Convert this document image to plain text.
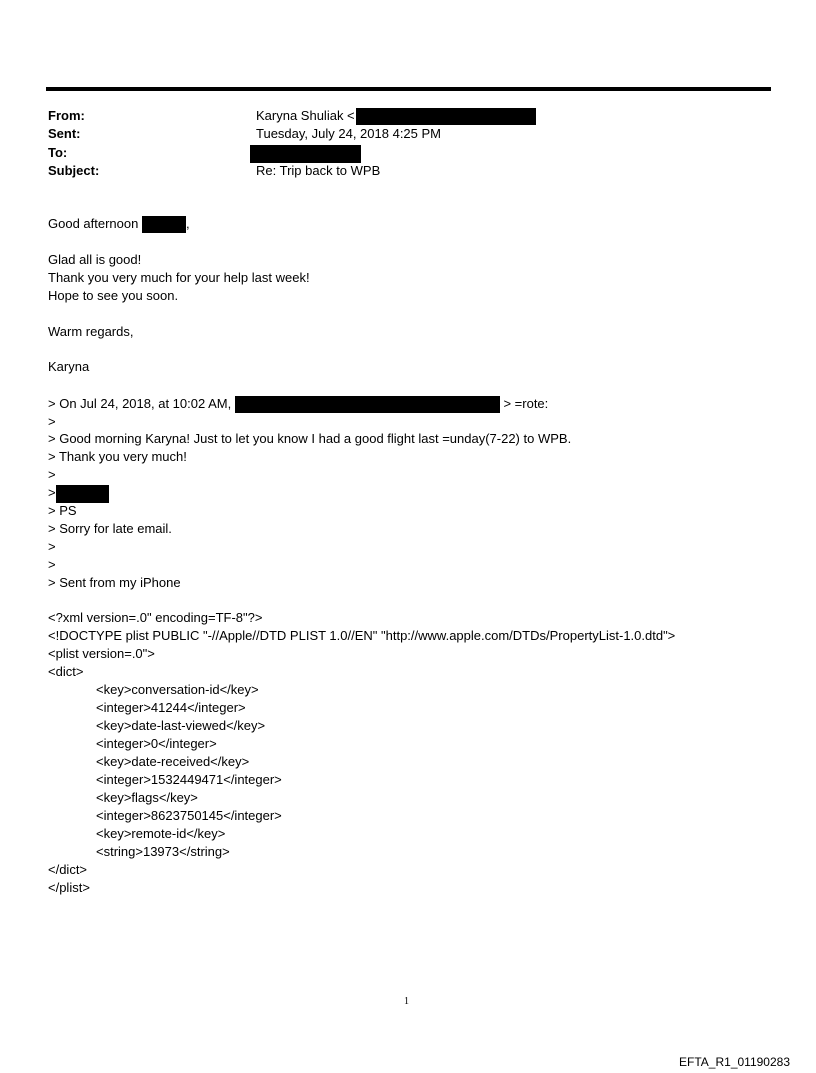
From:	Karyna Shuliak <
Sent:	Tuesday, July 24, 2018 4:25 PM
To:
Subject:	Re: Trip back to WPB
Good afternoon	,
Glad all is good!
Thank you very much for your help last week!
Hope to see you soon.
Warm regards,
Karyna
> On Jul 24, 2018, at 10:02 AM,	> =rote:
>
> Good morning Karyna! Just to let you know I had a good flight last =unday(7-22) to WPB.
> Thank you very much!
>
>
> PS
> Sorry for late email.
>
>
> Sent from my iPhone
<?xml version=.0" encoding=TF-8"?>
<!DOCTYPE plist PUBLIC "-//Apple//DTD PLIST 1.0//EN" "http://www.apple.com/DTDs/PropertyList-1.0.dtd">
<plist version=.0">
<dict>
<key>conversation-id</key>
<integer>41244</integer>
<key>date-last-viewed</key>
<integer>0</integer>
<key>date-received</key>
<integer>1532449471</integer>
<key>flags</key>
<integer>8623750145</integer>
<key>remote-id</key>
<string>13973</string>
</dict>
</plist>
1
EFTA_R1_01190283
